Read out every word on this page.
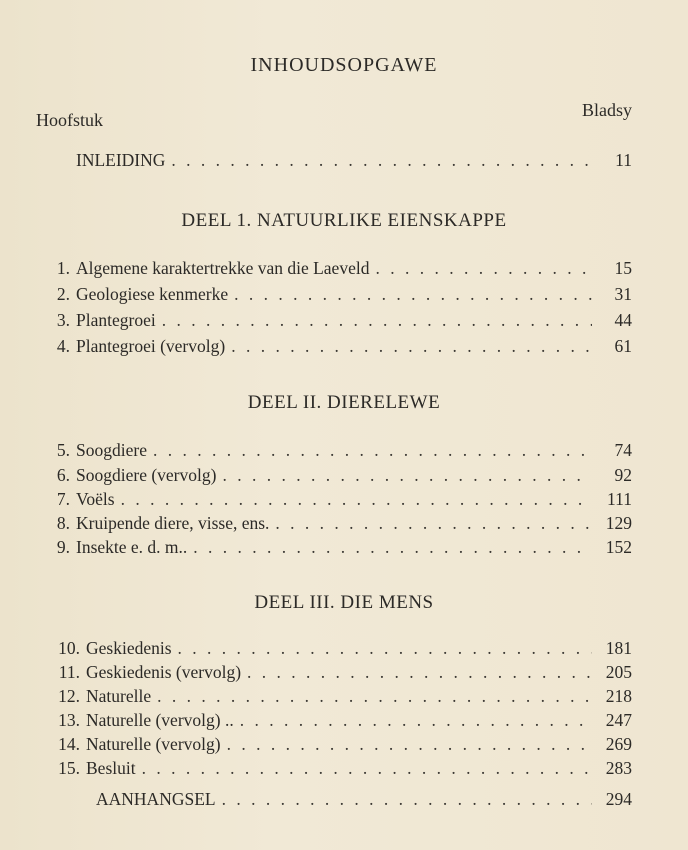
INHOUDSOPGAWE
Hoofstuk	Bladsy
INLEIDING . . .	11
DEEL 1. NATUURLIKE EIENSKAPPE
1. Algemene karaktertrekke van die Laeveld . . .	15
2. Geologiese kenmerke . . .	31
3. Plantegroei . . .	44
4. Plantegroei (vervolg) . . .	61
DEEL II. DIERELEWE
5. Soogdiere . . .	74
6. Soogdiere (vervolg) . . .	92
7. Voëls . . .	111
8. Kruipende diere, visse, ens. . . .	129
9. Insekte e. d. m.. . . .	152
DEEL III. DIE MENS
10. Geskiedenis . . .	181
11. Geskiedenis (vervolg) . . .	205
12. Naturelle . . .	218
13. Naturelle (vervolg) .. . . .	247
14. Naturelle (vervolg) . . .	269
15. Besluit . . .	283
AANHANGSEL . . .	294
